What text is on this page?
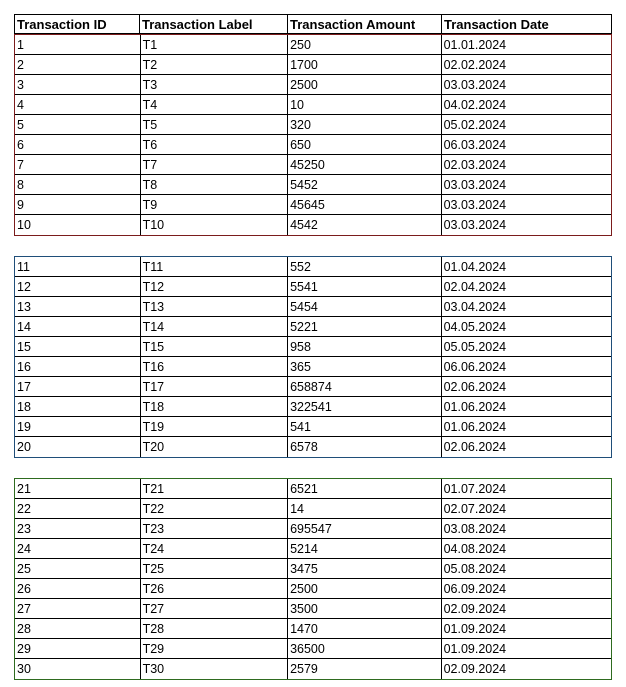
Transaction ID	Transaction Label	Transaction Amount	Transaction Date
1	T1	250	01.01.2024
2	T2	1700	02.02.2024
3	T3	2500	03.03.2024
4	T4	10	04.02.2024
5	T5	320	05.02.2024
6	T6	650	06.03.2024
7	T7	45250	02.03.2024
8	T8	5452	03.03.2024
9	T9	45645	03.03.2024
10	T10	4542	03.03.2024
11	T11	552	01.04.2024
12	T12	5541	02.04.2024
13	T13	5454	03.04.2024
14	T14	5221	04.05.2024
15	T15	958	05.05.2024
16	T16	365	06.06.2024
17	T17	658874	02.06.2024
18	T18	322541	01.06.2024
19	T19	541	01.06.2024
20	T20	6578	02.06.2024
21	T21	6521	01.07.2024
22	T22	14	02.07.2024
23	T23	695547	03.08.2024
24	T24	5214	04.08.2024
25	T25	3475	05.08.2024
26	T26	2500	06.09.2024
27	T27	3500	02.09.2024
28	T28	1470	01.09.2024
29	T29	36500	01.09.2024
30	T30	2579	02.09.2024
